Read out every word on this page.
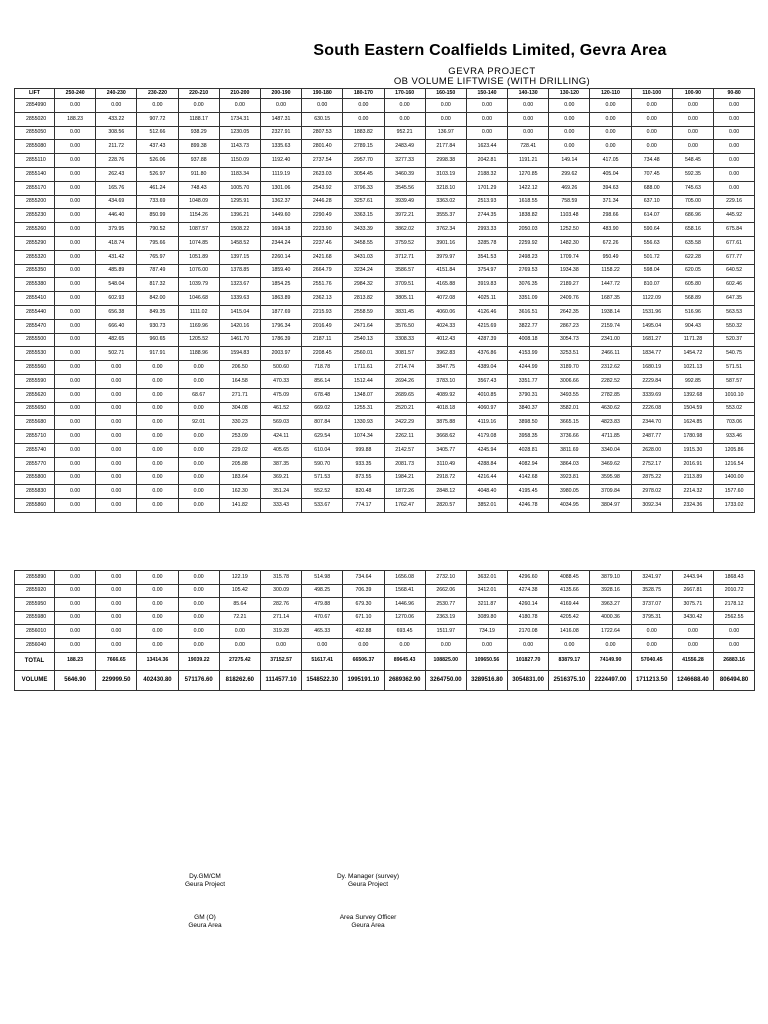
South Eastern Coalfields Limited, Gevra Area
GEVRA PROJECT
OB VOLUME LIFTWISE (WITH DRILLING)
LIFT	250-240	240-230	230-220	220-210	210-200	200-190	190-180	180-170	170-160	160-150	150-140	140-130	130-120	120-110	110-100	100-90	90-80
2854990	0.00	0.00	0.00	0.00	0.00	0.00	0.00	0.00	0.00	0.00	0.00	0.00	0.00	0.00	0.00	0.00	0.00
2855020	188.23	433.22	907.72	1188.17	1734.31	1487.31	630.15	0.00	0.00	0.00	0.00	0.00	0.00	0.00	0.00	0.00	0.00
2855050	0.00	308.56	512.66	938.29	1230.05	2327.91	2807.53	1883.82	952.21	136.97	0.00	0.00	0.00	0.00	0.00	0.00	0.00
2855080	0.00	211.72	437.43	899.38	1143.73	1335.63	2801.40	2789.15	2483.49	2177.84	1623.44	728.41	0.00	0.00	0.00	0.00	0.00
2855110	0.00	228.76	526.06	937.88	1150.09	1192.40	2737.54	2957.70	3277.33	2998.38	2042.81	1191.21	149.14	417.05	734.48	548.45	0.00
2855140	0.00	262.43	526.97	911.80	1183.34	1119.19	2623.03	3054.45	3460.39	3103.19	2188.32	1270.85	299.62	405.04	707.45	592.35	0.00
2855170	0.00	165.76	461.24	748.43	1005.70	1301.06	2543.92	3796.33	3545.56	3218.10	1701.29	1422.12	469.26	394.63	688.00	745.63	0.00
2855200	0.00	434.69	733.69	1048.09	1295.91	1362.37	2446.28	3257.61	3939.49	3363.02	2513.93	1618.55	758.59	371.34	637.10	705.00	229.16
2855230	0.00	446.40	850.99	1154.26	1396.21	1449.60	2290.49	3363.15	3972.21	3555.37	2744.35	1838.82	1103.48	298.66	614.07	686.96	445.92
2855260	0.00	379.95	790.52	1087.57	1508.22	1694.18	2223.90	3433.39	3862.02	3762.34	2993.33	2050.03	1252.50	483.90	590.64	658.16	675.84
2855290	0.00	418.74	795.66	1074.85	1458.52	2344.24	2237.46	3458.55	3759.52	3901.16	3285.78	2259.92	1482.30	672.26	556.63	635.58	677.61
2855320	0.00	431.42	765.97	1051.89	1397.15	2260.14	2421.68	3431.03	3712.71	3979.97	3541.53	2498.23	1709.74	950.49	501.72	622.28	677.77
2855350	0.00	485.89	787.49	1076.00	1378.85	1859.40	2664.79	3234.24	3586.57	4151.84	3754.97	2769.53	1934.38	1158.22	598.04	620.05	640.52
2855380	0.00	548.04	817.32	1039.79	1323.67	1854.25	2551.76	2984.32	3709.51	4165.88	3919.83	3076.35	2189.27	1447.72	810.07	605.80	602.46
2855410	0.00	602.93	842.00	1046.68	1339.63	1863.89	2362.13	2813.82	3805.11	4072.08	4025.11	3351.09	2409.76	1687.35	1122.09	568.89	647.35
2855440	0.00	656.38	849.35	1111.02	1415.04	1877.69	2215.93	2558.59	3831.45	4060.06	4126.46	3616.51	2642.35	1938.14	1531.96	516.96	563.53
2855470	0.00	666.40	930.73	1169.96	1420.16	1796.34	2016.49	2471.64	3576.50	4024.33	4215.69	3822.77	2867.23	2159.74	1495.04	904.43	550.32
2855500	0.00	482.65	960.65	1205.52	1461.70	1786.39	2187.11	2540.13	3308.33	4012.43	4287.39	4008.18	3054.73	2341.00	1681.27	1171.28	520.37
2855530	0.00	502.71	917.91	1188.96	1594.83	2003.97	2208.45	2560.01	3081.57	3962.83	4376.86	4153.99	3253.51	2466.11	1834.77	1454.72	540.75
2855560	0.00	0.00	0.00	0.00	206.50	500.60	718.78	1711.61	2714.74	3847.75	4389.04	4244.99	3189.70	2312.62	1680.19	1021.13	571.51
2855590	0.00	0.00	0.00	0.00	164.58	470.33	856.14	1512.44	2694.26	3783.10	3567.43	3351.77	3006.66	2282.52	2229.84	992.85	587.57
2855620	0.00	0.00	0.00	68.67	271.71	475.09	678.48	1348.07	2689.65	4089.92	4010.85	3790.31	3493.55	2782.85	3339.69	1392.68	1010.10
2855650	0.00	0.00	0.00	0.00	304.08	461.52	669.02	1255.31	2520.21	4018.18	4060.97	3840.37	3582.01	4630.62	2226.08	1504.59	553.02
2855680	0.00	0.00	0.00	92.01	330.23	569.03	807.84	1330.93	2422.29	3875.88	4119.16	3898.50	3665.15	4823.83	2344.70	1624.85	703.06
2855710	0.00	0.00	0.00	0.00	253.09	424.11	629.54	1074.34	2262.11	3668.62	4179.08	3958.35	3736.66	4711.85	2487.77	1780.98	933.46
2855740	0.00	0.00	0.00	0.00	229.02	405.65	610.04	999.88	2142.57	3405.77	4245.94	4028.81	3811.69	3340.04	2628.00	1915.30	1205.86
2855770	0.00	0.00	0.00	0.00	205.88	387.35	590.70	933.35	2081.73	3110.49	4288.84	4082.94	3864.03	3469.62	2752.17	2016.91	1216.54
2855800	0.00	0.00	0.00	0.00	183.64	369.21	571.53	873.55	1984.21	2918.72	4216.44	4142.68	3923.81	3595.98	2875.22	2113.89	1400.00
2855830	0.00	0.00	0.00	0.00	162.30	351.24	552.52	820.48	1872.26	2848.12	4048.40	4195.45	3980.05	3709.84	2978.02	2214.32	1577.60
2855860	0.00	0.00	0.00	0.00	141.82	333.43	533.67	774.17	1762.47	2820.57	3852.01	4246.78	4034.95	3804.97	3092.34	2324.36	1733.02
2855890	0.00	0.00	0.00	0.00	122.19	315.78	514.98	734.64	1656.08	2732.10	3632.01	4296.60	4088.45	3879.10	3241.97	2443.94	1868.43
2855920	0.00	0.00	0.00	0.00	105.42	300.09	498.25	706.39	1568.41	2662.06	3412.01	4274.38	4135.66	3928.16	3528.75	2667.81	2010.72
2855950	0.00	0.00	0.00	0.00	85.64	282.76	479.88	679.30	1446.96	2530.77	3211.87	4260.14	4169.44	3963.27	3737.07	3075.71	2178.12
2855980	0.00	0.00	0.00	0.00	72.21	271.14	470.67	671.10	1270.06	2363.19	3089.80	4180.78	4205.42	4000.36	3795.31	3430.42	2562.55
2856010	0.00	0.00	0.00	0.00	0.00	319.28	465.33	492.88	693.45	1511.97	734.19	2170.08	1416.08	1722.64	0.00	0.00	0.00
2856040	0.00	0.00	0.00	0.00	0.00	0.00	0.00	0.00	0.00	0.00	0.00	0.00	0.00	0.00	0.00	0.00	0.00
TOTAL	188.23	7666.65	13414.36	19039.22	27275.42	37152.57	51617.41	66506.37	89645.43	108825.00	109650.56	101827.70	83879.17	74149.90	57040.45	41556.28	26883.16
VOLUME	5646.90	229999.50	402430.80	571176.60	818262.60	1114577.10	1548522.30	1995191.10	2689362.90	3264750.00	3289516.80	3054831.00	2516375.10	2224497.00	1711213.50	1246688.40	806494.80
Dy.GM/CM
Geura Project
Dy. Manager (survey)
Geura Project
GM (O)
Geura Area
Area Survey Officer
Geura Area
